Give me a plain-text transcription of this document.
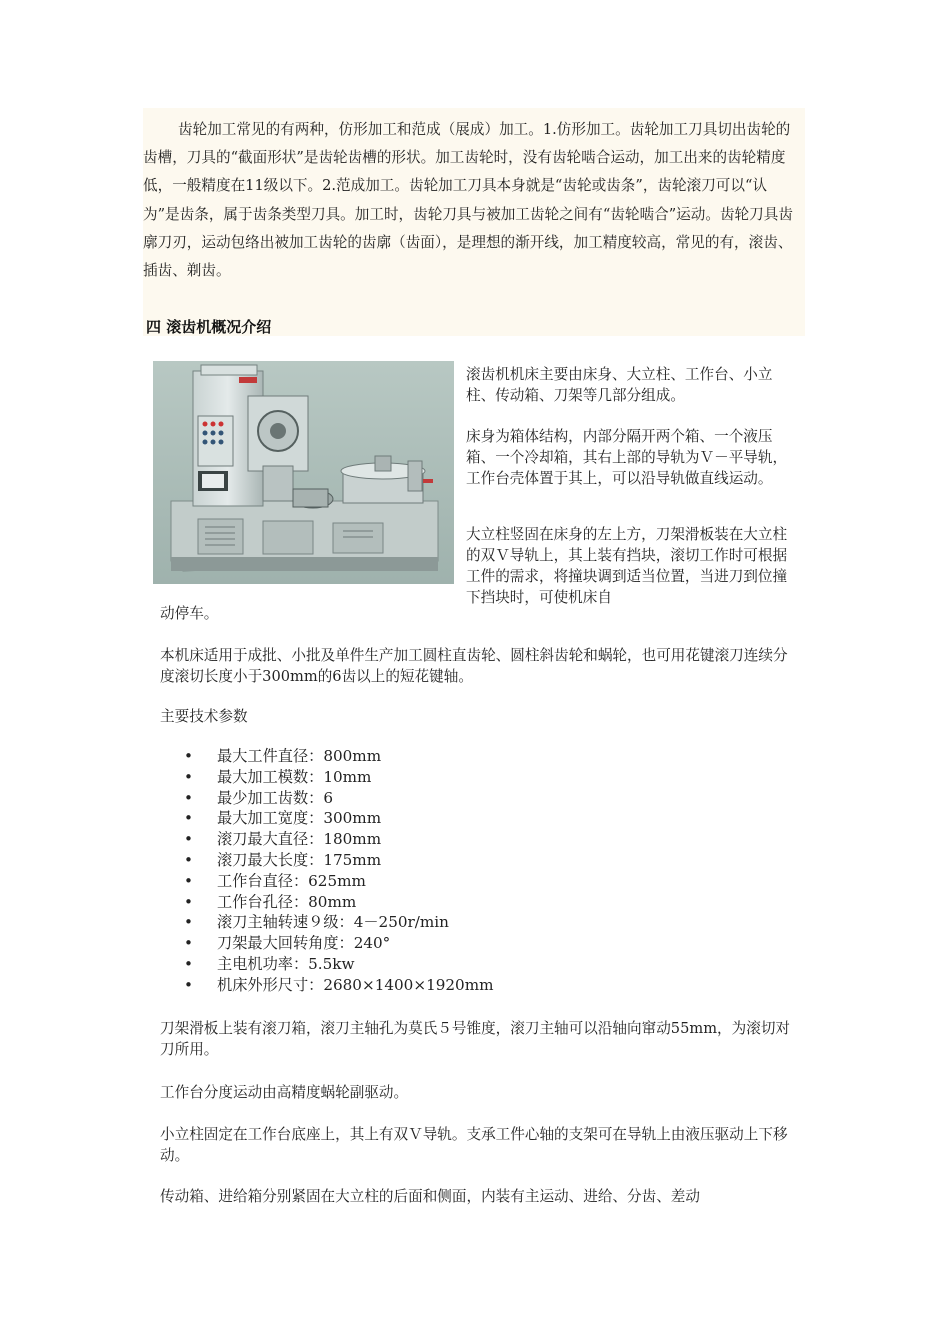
齿轮加工常见的有两种，仿形加工和范成（展成）加工。1.仿形加工。齿轮加工刀具切出齿轮的齿槽，刀具的“截面形状”是齿轮齿槽的形状。加工齿轮时，没有齿轮啮合运动，加工出来的齿轮精度低，一般精度在11级以下。2.范成加工。齿轮加工刀具本身就是“齿轮或齿条”，齿轮滚刀可以“认为”是齿条，属于齿条类型刀具。加工时，齿轮刀具与被加工齿轮之间有“齿轮啮合”运动。齿轮刀具齿廓刀刃，运动包络出被加工齿轮的齿廓（齿面），是理想的渐开线，加工精度较高，常见的有，滚齿、插齿、剃齿。

四 滚齿机概况介绍

滚齿机机床主要由床身、大立柱、工作台、小立柱、传动箱、刀架等几部分组成。

床身为箱体结构，内部分隔开两个箱、一个液压箱、一个冷却箱，其右上部的导轨为Ｖ－平导轨，工作台壳体置于其上，可以沿导轨做直线运动。

大立柱竖固在床身的左上方，刀架滑板装在大立柱的双Ｖ导轨上，其上装有挡块，滚切工作时可根据工件的需求，将撞块调到适当位置，当进刀到位撞下挡块时，可使机床自

动停车。

本机床适用于成批、小批及单件生产加工圆柱直齿轮、圆柱斜齿轮和蜗轮，也可用花键滚刀连续分度滚切长度小于300mm的6齿以上的短花键轴。

主要技术参数

• 最大工件直径：800mm
• 最大加工模数：10mm
• 最少加工齿数：6
• 最大加工宽度：300mm
• 滚刀最大直径：180mm
• 滚刀最大长度：175mm
• 工作台直径：625mm
• 工作台孔径：80mm
• 滚刀主轴转速９级：4－250r/min
• 刀架最大回转角度：240°
• 主电机功率：5.5kw
• 机床外形尺寸：2680×1400×1920mm

刀架滑板上装有滚刀箱，滚刀主轴孔为莫氏５号锥度，滚刀主轴可以沿轴向窜动55mm，为滚切对刀所用。

工作台分度运动由高精度蜗轮副驱动。

小立柱固定在工作台底座上，其上有双Ｖ导轨。支承工件心轴的支架可在导轨上由液压驱动上下移动。

传动箱、进给箱分别紧固在大立柱的后面和侧面，内装有主运动、进给、分齿、差动
